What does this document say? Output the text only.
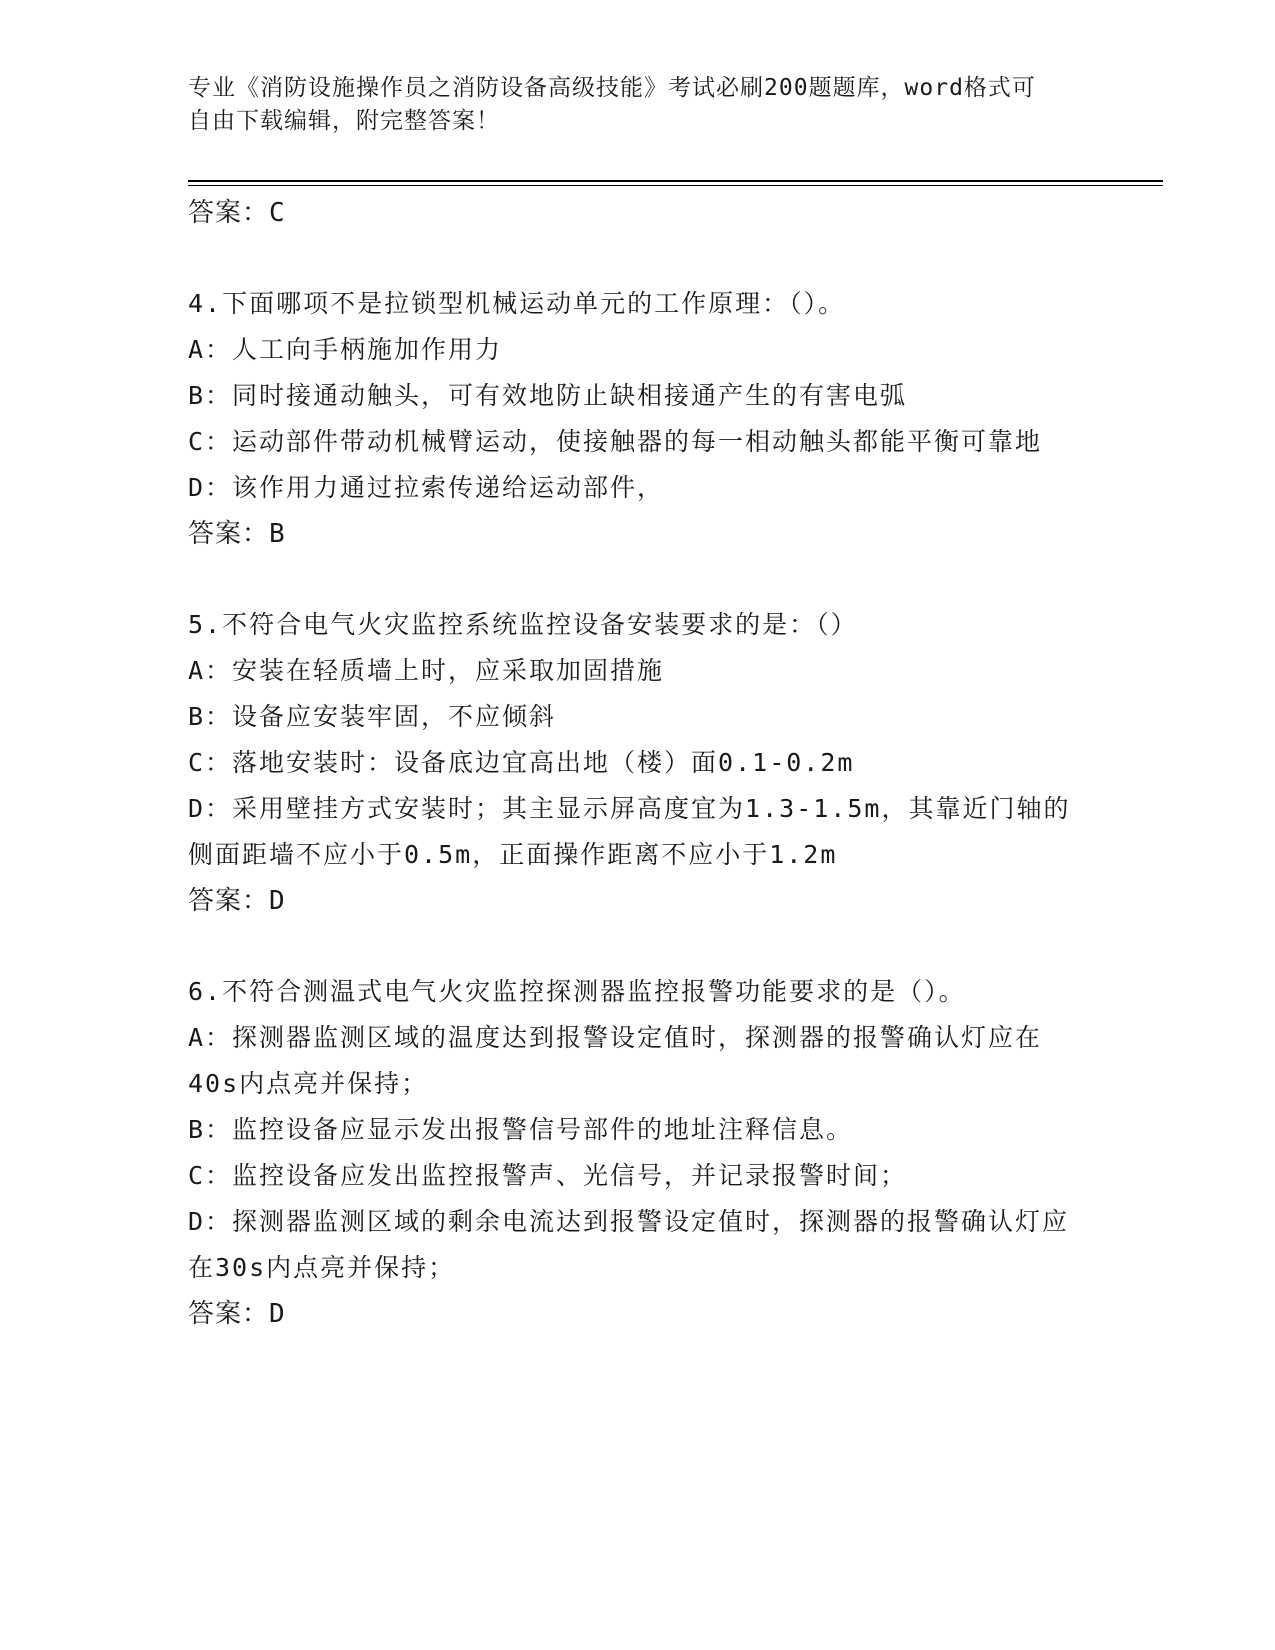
专业《消防设施操作员之消防设备高级技能》考试必刷200题题库，word格式可
自由下载编辑，附完整答案！
答案：C
4.下面哪项不是拉锁型机械运动单元的工作原理：（）。
A：人工向手柄施加作用力
B：同时接通动触头，可有效地防止缺相接通产生的有害电弧
C：运动部件带动机械臂运动，使接触器的每一相动触头都能平衡可靠地
D：该作用力通过拉索传递给运动部件，
答案：B
5.不符合电气火灾监控系统监控设备安装要求的是：（）
A：安装在轻质墙上时，应采取加固措施
B：设备应安装牢固，不应倾斜
C：落地安装时：设备底边宜高出地（楼）面0.1-0.2m
D：采用壁挂方式安装时；其主显示屏高度宜为1.3-1.5m，其靠近门轴的侧面距墙不应小于0.5m，正面操作距离不应小于1.2m
答案：D
6.不符合测温式电气火灾监控探测器监控报警功能要求的是（）。
A：探测器监测区域的温度达到报警设定值时，探测器的报警确认灯应在40s内点亮并保持；
B：监控设备应显示发出报警信号部件的地址注释信息。
C：监控设备应发出监控报警声、光信号，并记录报警时间；
D：探测器监测区域的剩余电流达到报警设定值时，探测器的报警确认灯应在30s内点亮并保持；
答案：D
